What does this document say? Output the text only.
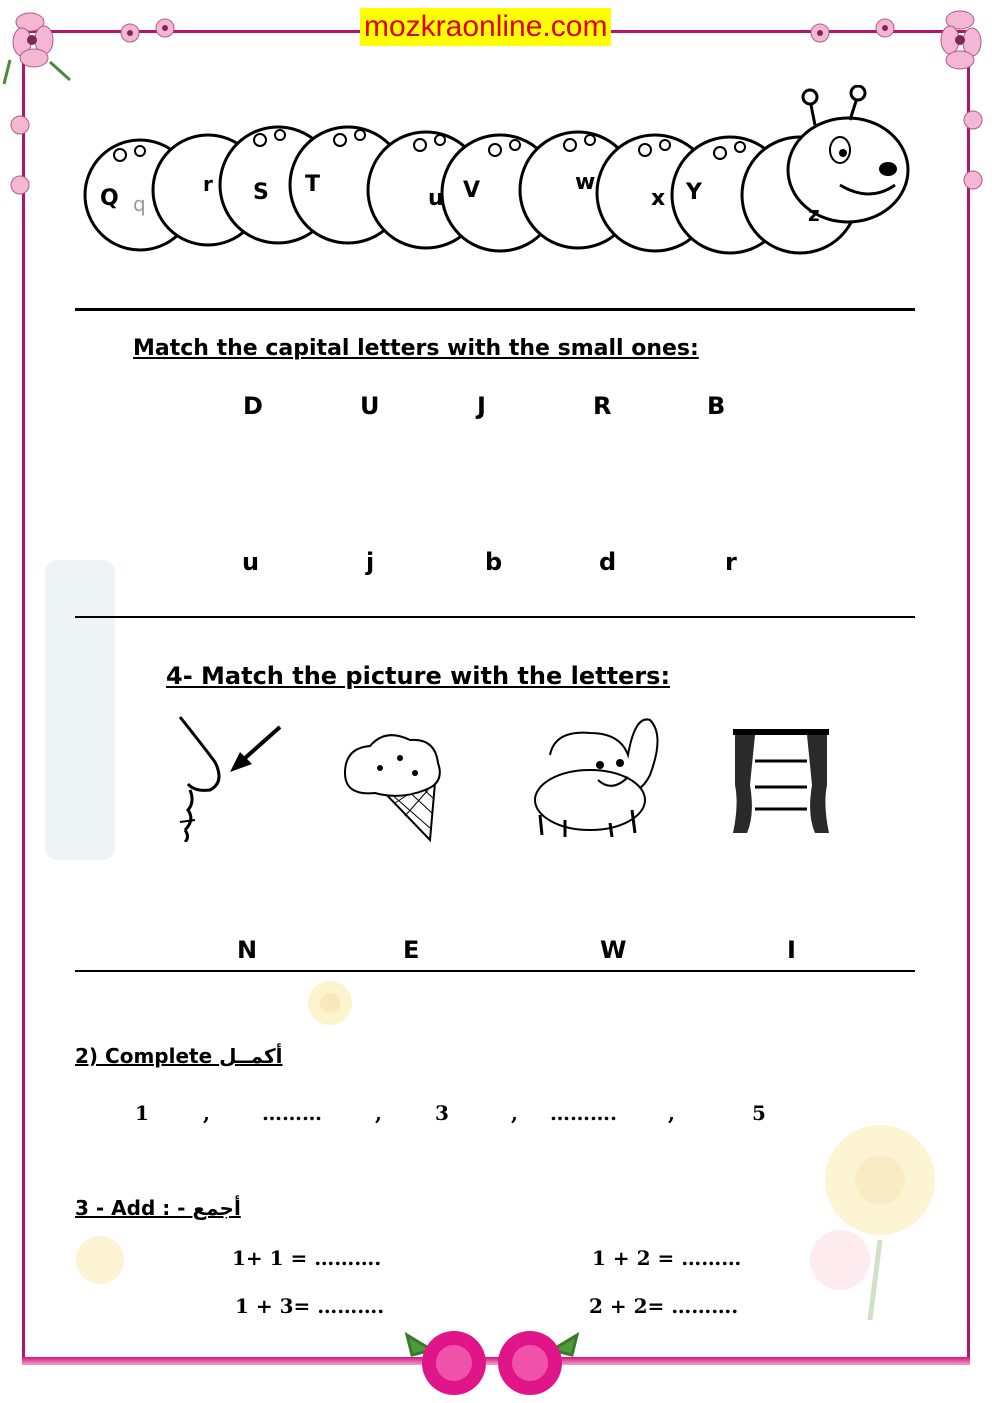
mozkraonline.com
Q q
r S T
u V	w
x Y
z
Match the capital letters with the small ones:
D	U	J	R	B
u	j	b	d	r
4- Match the picture with the letters:
N	E	W	I
2) Complete أكمــل
1	,	………	,	3	, ……….	,	5
3 - Add : - أجمع
1+ 1 = ……….	1 + 2 = ………
1 + 3= ……….	2 + 2= ……….
